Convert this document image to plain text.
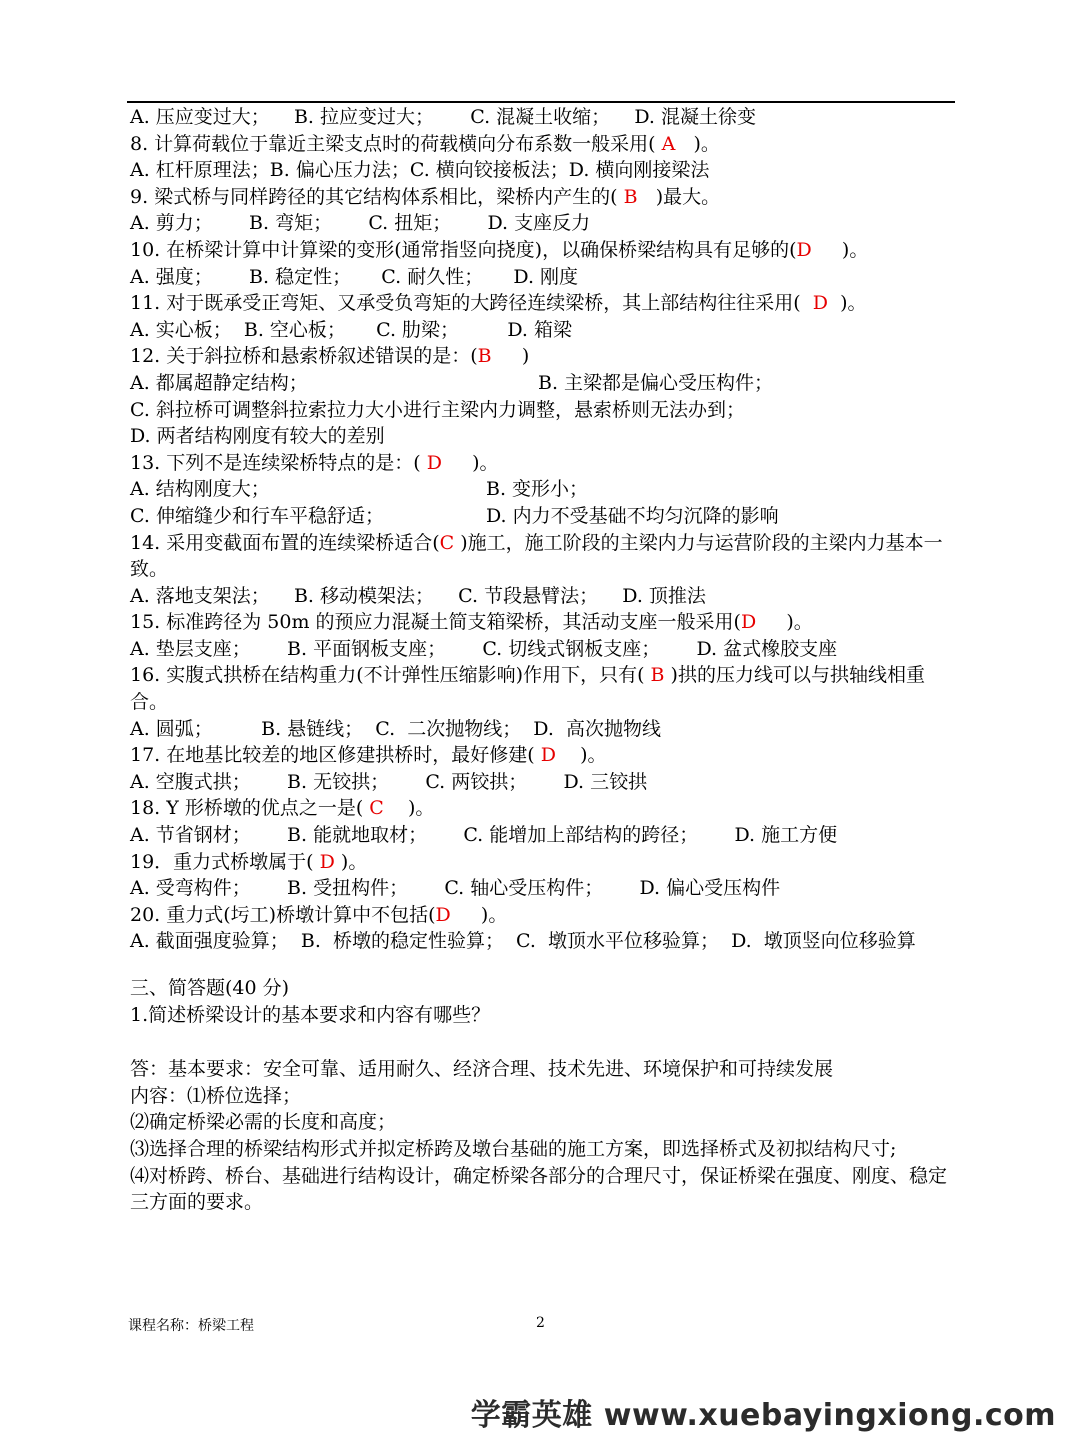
A. 压应变过大；    B. 拉应变过大；      C. 混凝土收缩；    D. 混凝土徐变
8. 计算荷载位于靠近主梁支点时的荷载横向分布系数一般采用( A   )。
A. 杠杆原理法；B. 偏心压力法；C. 横向铰接板法；D. 横向刚接梁法
9. 梁式桥与同样跨径的其它结构体系相比，梁桥内产生的( B   )最大。
A. 剪力；      B. 弯矩；      C. 扭矩；      D. 支座反力
10. 在桥梁计算中计算梁的变形(通常指竖向挠度)，以确保桥梁结构具有足够的(D     )。
A. 强度；      B. 稳定性；     C. 耐久性；     D. 刚度
11. 对于既承受正弯矩、又承受负弯矩的大跨径连续梁桥，其上部结构往往采用(  D  )。
A. 实心板；  B. 空心板；     C. 肋梁；        D. 箱梁
12. 关于斜拉桥和悬索桥叙述错误的是：(B     )
A. 都属超静定结构；	B. 主梁都是偏心受压构件；
C. 斜拉桥可调整斜拉索拉力大小进行主梁内力调整，悬索桥则无法办到；
D. 两者结构刚度有较大的差别
13. 下列不是连续梁桥特点的是：( D     )。
A. 结构刚度大；	B. 变形小；
C. 伸缩缝少和行车平稳舒适；	D. 内力不受基础不均匀沉降的影响
14. 采用变截面布置的连续梁桥适合(C )施工，施工阶段的主梁内力与运营阶段的主梁内力基本一致。
A. 落地支架法；    B. 移动模架法；    C. 节段悬臂法；    D. 顶推法
15. 标准跨径为 50m 的预应力混凝土简支箱梁桥，其活动支座一般采用(D     )。
A. 垫层支座；      B. 平面钢板支座；      C. 切线式钢板支座；      D. 盆式橡胶支座
16. 实腹式拱桥在结构重力(不计弹性压缩影响)作用下，只有( B )拱的压力线可以与拱轴线相重合。
A. 圆弧；        B. 悬链线；  C.  二次抛物线；  D.  高次抛物线
17. 在地基比较差的地区修建拱桥时，最好修建( D    )。
A. 空腹式拱；      B. 无铰拱；      C. 两铰拱；      D. 三铰拱
18. Y 形桥墩的优点之一是( C    )。
A. 节省钢材；      B. 能就地取材；      C. 能增加上部结构的跨径；      D. 施工方便
19．重力式桥墩属于( D )。
A. 受弯构件；      B. 受扭构件；      C. 轴心受压构件；      D. 偏心受压构件
20. 重力式(圬工)桥墩计算中不包括(D     )。
A. 截面强度验算；  B.  桥墩的稳定性验算；  C.  墩顶水平位移验算；  D.  墩顶竖向位移验算
三、简答题(40 分)
1.简述桥梁设计的基本要求和内容有哪些？
答：基本要求：安全可靠、适用耐久、经济合理、技术先进、环境保护和可持续发展
内容：⑴桥位选择；
⑵确定桥梁必需的长度和高度；
⑶选择合理的桥梁结构形式并拟定桥跨及墩台基础的施工方案，即选择桥式及初拟结构尺寸;
⑷对桥跨、桥台、基础进行结构设计，确定桥梁各部分的合理尺寸，保证桥梁在强度、刚度、稳定三方面的要求。
课程名称：桥梁工程	2
学霸英雄 www.xuebayingxiong.com
